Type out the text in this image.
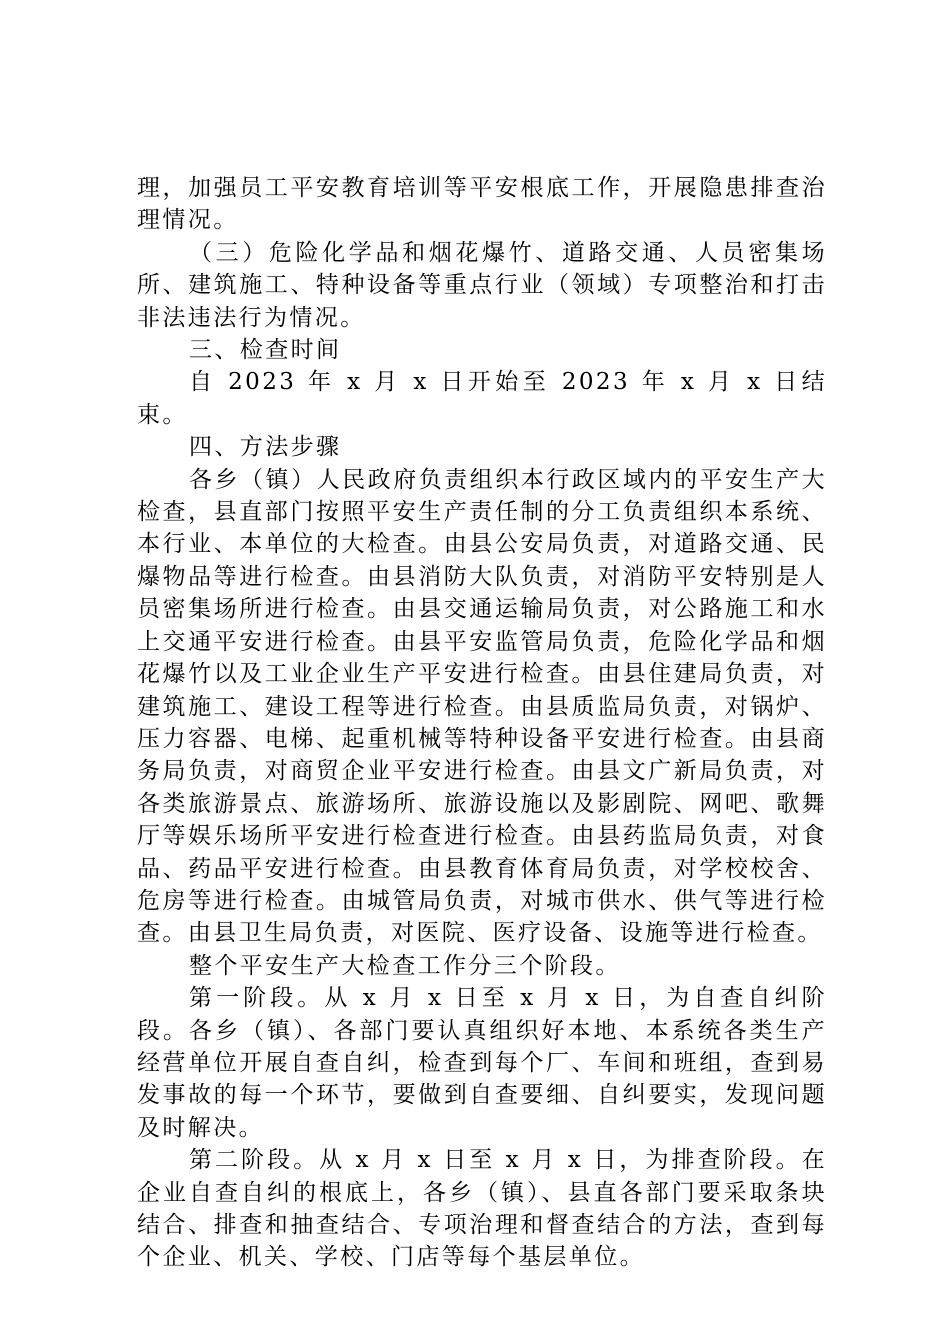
理，加强员工平安教育培训等平安根底工作，开展隐患排查治理情况。

（三）危险化学品和烟花爆竹、道路交通、人员密集场所、建筑施工、特种设备等重点行业（领域）专项整治和打击非法违法行为情况。

三、检查时间

自 2023 年 x 月 x 日开始至 2023 年 x 月 x 日结束。

四、方法步骤

各乡（镇）人民政府负责组织本行政区域内的平安生产大检查，县直部门按照平安生产责任制的分工负责组织本系统、本行业、本单位的大检查。由县公安局负责，对道路交通、民爆物品等进行检查。由县消防大队负责，对消防平安特别是人员密集场所进行检查。由县交通运输局负责，对公路施工和水上交通平安进行检查。由县平安监管局负责，危险化学品和烟花爆竹以及工业企业生产平安进行检查。由县住建局负责，对建筑施工、建设工程等进行检查。由县质监局负责，对锅炉、压力容器、电梯、起重机械等特种设备平安进行检查。由县商务局负责，对商贸企业平安进行检查。由县文广新局负责，对各类旅游景点、旅游场所、旅游设施以及影剧院、网吧、歌舞厅等娱乐场所平安进行检查进行检查。由县药监局负责，对食品、药品平安进行检查。由县教育体育局负责，对学校校舍、危房等进行检查。由城管局负责，对城市供水、供气等进行检查。由县卫生局负责，对医院、医疗设备、设施等进行检查。

整个平安生产大检查工作分三个阶段。

第一阶段。从 x 月 x 日至 x 月 x 日，为自查自纠阶段。各乡（镇）、各部门要认真组织好本地、本系统各类生产经营单位开展自查自纠，检查到每个厂、车间和班组，查到易发事故的每一个环节，要做到自查要细、自纠要实，发现问题及时解决。

第二阶段。从 x 月 x 日至 x 月 x 日，为排查阶段。在企业自查自纠的根底上，各乡（镇）、县直各部门要采取条块结合、排查和抽查结合、专项治理和督查结合的方法，查到每个企业、机关、学校、门店等每个基层单位。
